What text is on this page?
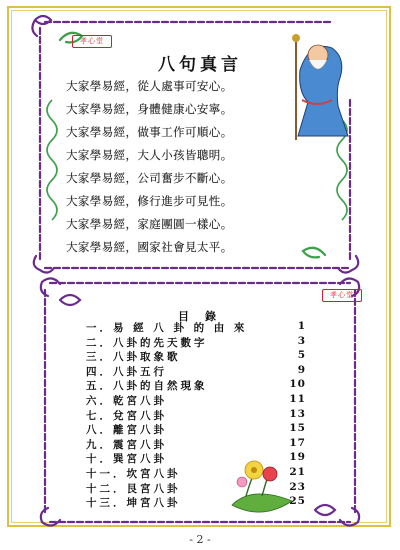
孝心堂
孝心堂
八句真言
大家學易經，從人處事可安心。
大家學易經，身體健康心安寧。
大家學易經，做事工作可順心。
大家學易經，大人小孩皆聰明。
大家學易經，公司奮步不斷心。
大家學易經，修行進步可見性。
大家學易經，家庭團圓一樣心。
大家學易經，國家社會見太平。
目錄
一．易 經 八 卦 的 由 來	1
二．八卦的先天數字	3
三．八卦取象歌	5
四．八卦五行	9
五．八卦的自然現象	10
六．乾宮八卦	11
七．兌宮八卦	13
八．離宮八卦	15
九．震宮八卦	17
十．巽宮八卦	19
十一．坎宮八卦	21
十二．艮宮八卦	23
十三．坤宮八卦	25
- 2 -
